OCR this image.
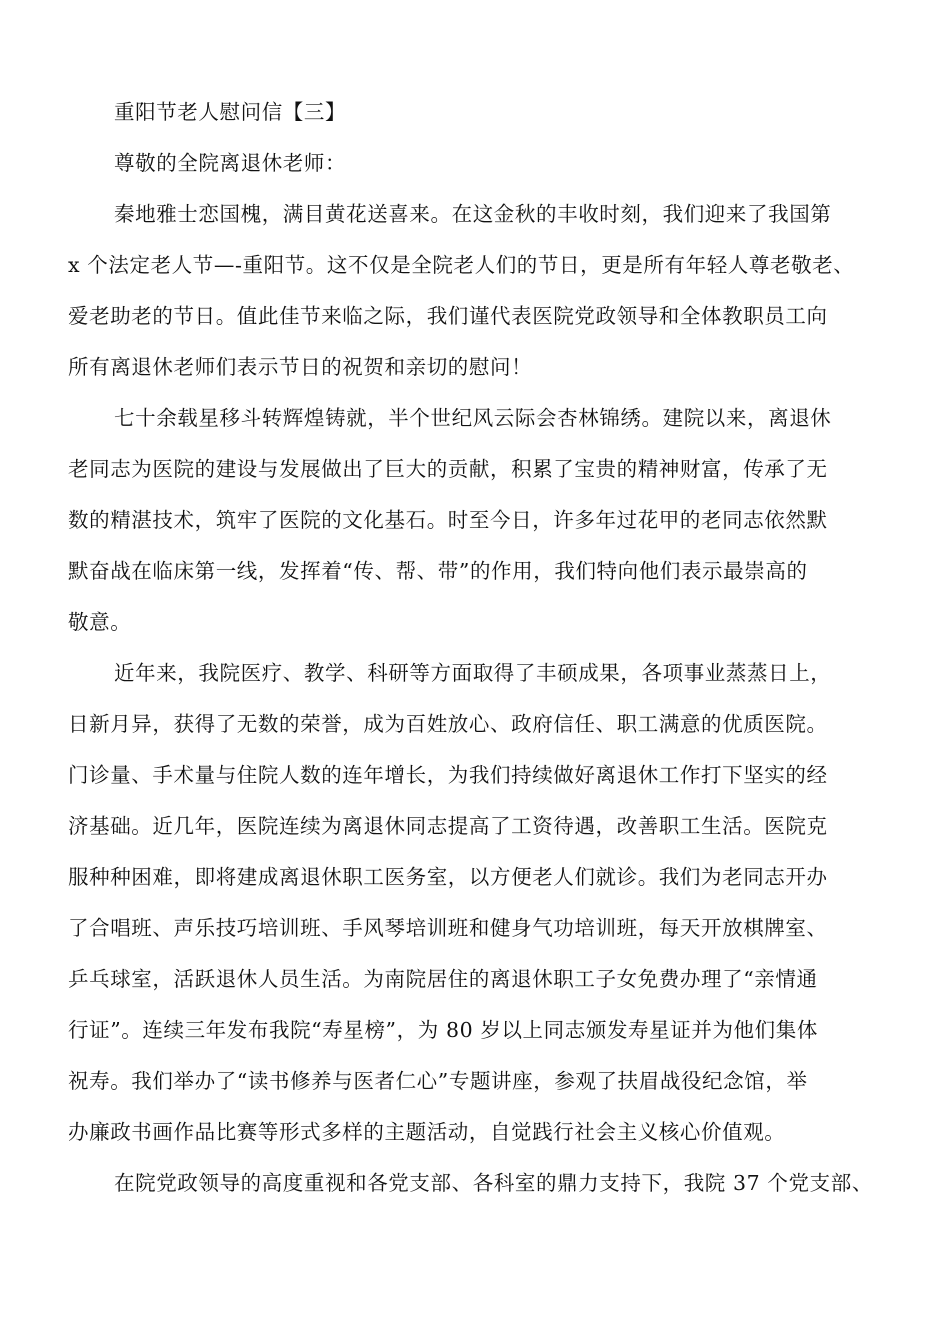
重阳节老人慰问信【三】
尊敬的全院离退休老师：
秦地雅士恋国槐，满目黄花送喜来。在这金秋的丰收时刻，我们迎来了我国第
x 个法定老人节—-重阳节。这不仅是全院老人们的节日，更是所有年轻人尊老敬老、
爱老助老的节日。值此佳节来临之际，我们谨代表医院党政领导和全体教职员工向
所有离退休老师们表示节日的祝贺和亲切的慰问！
七十余载星移斗转辉煌铸就，半个世纪风云际会杏林锦绣。建院以来，离退休
老同志为医院的建设与发展做出了巨大的贡献，积累了宝贵的精神财富，传承了无
数的精湛技术，筑牢了医院的文化基石。时至今日，许多年过花甲的老同志依然默
默奋战在临床第一线，发挥着“传、帮、带”的作用，我们特向他们表示最崇高的
敬意。
近年来，我院医疗、教学、科研等方面取得了丰硕成果，各项事业蒸蒸日上，
日新月异，获得了无数的荣誉，成为百姓放心、政府信任、职工满意的优质医院。
门诊量、手术量与住院人数的连年增长，为我们持续做好离退休工作打下坚实的经
济基础。近几年，医院连续为离退休同志提高了工资待遇，改善职工生活。医院克
服种种困难，即将建成离退休职工医务室，以方便老人们就诊。我们为老同志开办
了合唱班、声乐技巧培训班、手风琴培训班和健身气功培训班，每天开放棋牌室、
乒乓球室，活跃退休人员生活。为南院居住的离退休职工子女免费办理了“亲情通
行证”。连续三年发布我院“寿星榜”，为 80 岁以上同志颁发寿星证并为他们集体
祝寿。我们举办了“读书修养与医者仁心”专题讲座，参观了扶眉战役纪念馆，举
办廉政书画作品比赛等形式多样的主题活动，自觉践行社会主义核心价值观。
在院党政领导的高度重视和各党支部、各科室的鼎力支持下，我院 37 个党支部、
